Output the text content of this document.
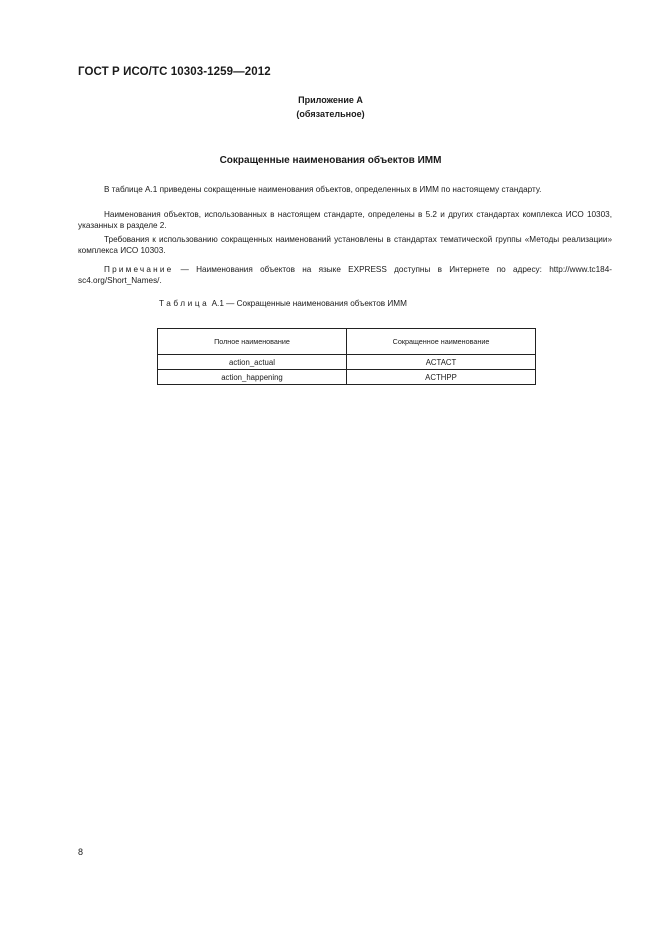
ГОСТ Р ИСО/ТС 10303-1259—2012
Приложение А
(обязательное)
Сокращенные наименования объектов ИММ
В таблице А.1 приведены сокращенные наименования объектов, определенных в ИММ по настоящему стандарту.
Наименования объектов, использованных в настоящем стандарте, определены в 5.2 и других стандартах комплекса ИСО 10303, указанных в разделе 2.
Требования к использованию сокращенных наименований установлены в стандартах тематической группы «Методы реализации» комплекса ИСО 10303.
Примечание — Наименования объектов на языке EXPRESS доступны в Интернете по адресу: http://www.tc184-sc4.org/Short_Names/.
Таблица А.1 — Сокращенные наименования объектов ИММ
Полное наименование	Сокращенное наименование
action_actual	ACTACT
action_happening	ACTHPP
8
